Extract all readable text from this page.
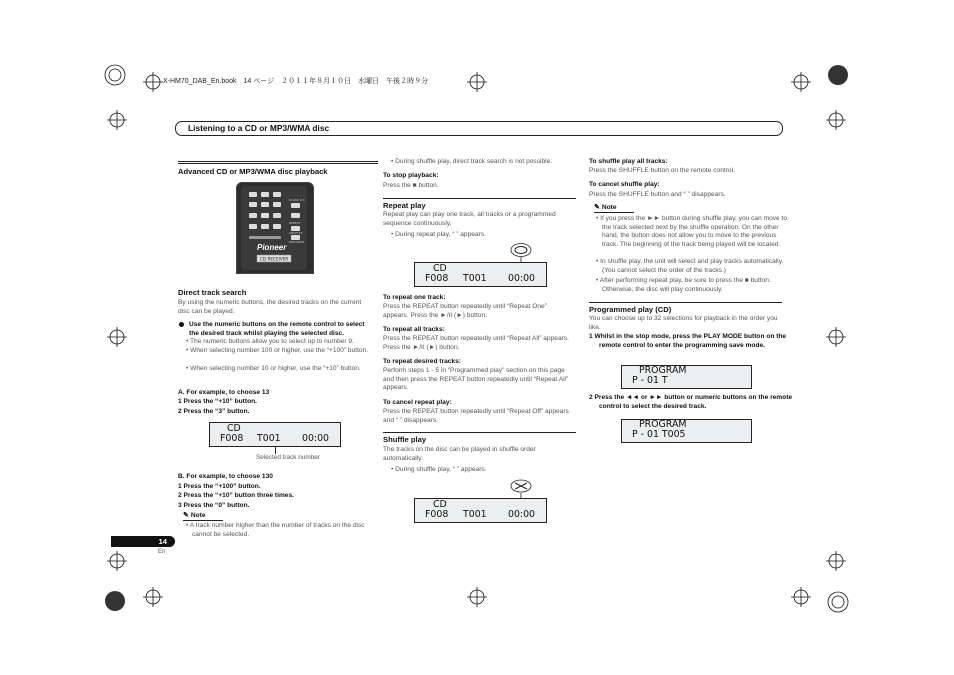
X-HM70_DAB_En.book　14 ページ　２０１１年８月１０日　水曜日　午後２時９分

Listening to a CD or MP3/WMA disc

Advanced CD or MP3/WMA disc playback

CLASS 1/0
REPEAT
SHUFFLE
PROGRAM
Pioneer
CD RECEIVER

Direct track search

By using the numeric buttons, the desired tracks on the current disc can be played.

Use the numeric buttons on the remote control to select the desired track whilst playing the selected disc.

• The numeric buttons allow you to select up to number 9.

• When selecting number 100 or higher, use the “+100” button.

• When selecting number 10 or higher, use the “+10” button.

A. For example, to choose 13

1 Press the “+10” button.

2 Press the “3” button.

CD
F008 T001 00:00

Selected track number

B. For example, to choose 130

1 Press the “+100” button.

2 Press the “+10” button three times.

3 Press the “0” button.

✎ Note

• A track number higher than the number of tracks on the disc cannot be selected.

14

En

• During shuffle play, direct track search is not possible.

To stop playback:

Press the ■ button.

Repeat play

Repeat play can play one track, all tracks or a programmed sequence continuously.

• During repeat play, “ ” appears.

CD
F008 T001 00:00

To repeat one track:

Press the REPEAT button repeatedly until “Repeat One” appears. Press the ►/II (►) button.

To repeat all tracks:

Press the REPEAT button repeatedly until “Repeat All” appears. Press the ►/II (►) button.

To repeat desired tracks:

Perform steps 1 - 5 in “Programmed play” section on this page and then press the REPEAT button repeatedly until “Repeat All” appears.

To cancel repeat play:

Press the REPEAT button repeatedly until “Repeat Off” appears and “ ” disappears.

Shuffle play

The tracks on the disc can be played in shuffle order automatically.

• During shuffle play, “ ” appears.

CD
F008 T001 00:00

To shuffle play all tracks:

Press the SHUFFLE button on the remote control.

To cancel shuffle play:

Press the SHUFFLE button and “ ” disappears.

✎ Note

• If you press the ►► button during shuffle play, you can move to the track selected next by the shuffle operation. On the other hand, the button does not allow you to move to the previous track. The beginning of the track being played will be located.

• In shuffle play, the unit will select and play tracks automatically. (You cannot select the order of the tracks.)

• After performing repeat play, be sure to press the ■ button. Otherwise, the disc will play continuously.

Programmed play (CD)

You can choose up to 32 selections for playback in the order you like.

1 Whilst in the stop mode, press the PLAY MODE button on the remote control to enter the programming save mode.

PROGRAM
P - 01 T

2 Press the ◄◄ or ►► button or numeric buttons on the remote control to select the desired track.

PROGRAM
P - 01 T005
